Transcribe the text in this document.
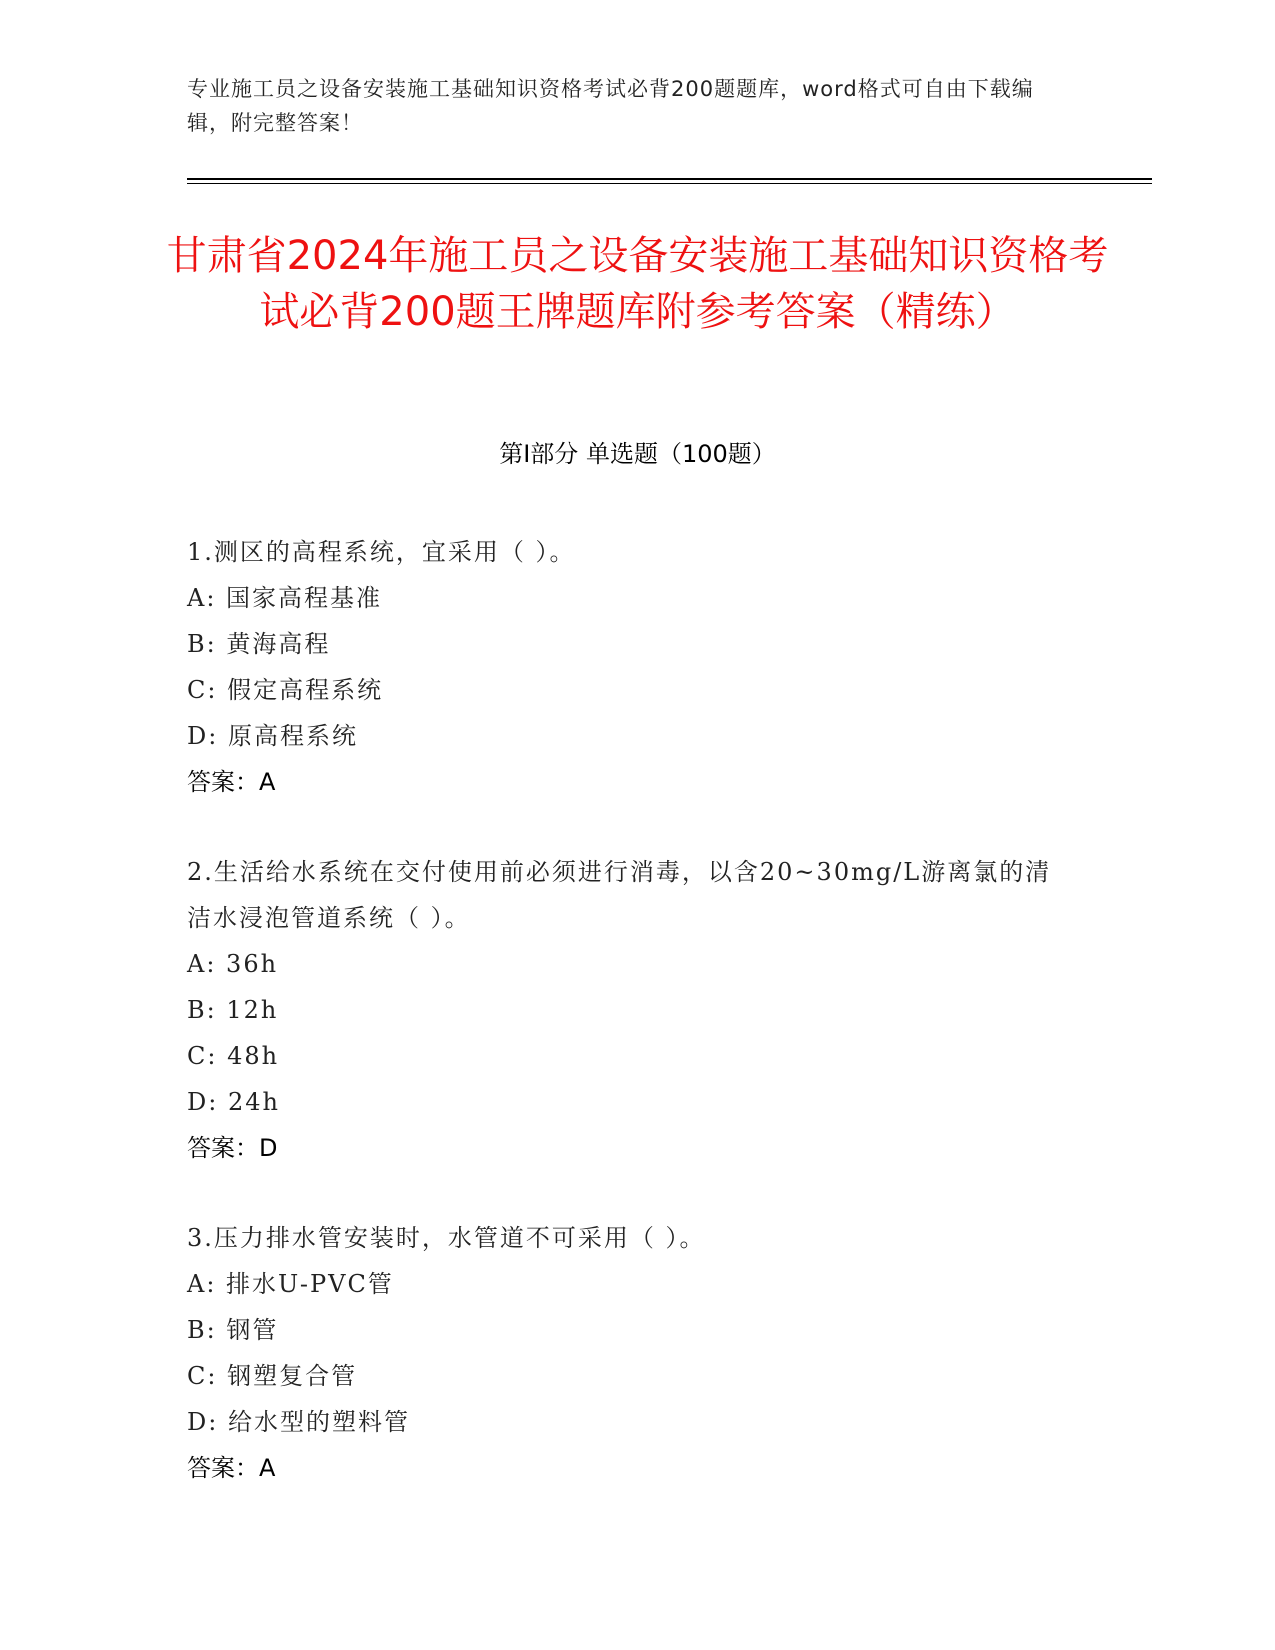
专业施工员之设备安装施工基础知识资格考试必背200题题库，word格式可自由下载编辑，附完整答案！
甘肃省2024年施工员之设备安装施工基础知识资格考试必背200题王牌题库附参考答案（精练）
第I部分 单选题（100题）
1.测区的高程系统，宜采用（ ）。
A: 国家高程基准
B: 黄海高程
C: 假定高程系统
D: 原高程系统
答案：A
2.生活给水系统在交付使用前必须进行消毒，以含20~30mg/L游离氯的清洁水浸泡管道系统（ ）。
A: 36h
B: 12h
C: 48h
D: 24h
答案：D
3.压力排水管安装时，水管道不可采用（ ）。
A: 排水U-PVC管
B: 钢管
C: 钢塑复合管
D: 给水型的塑料管
答案：A
